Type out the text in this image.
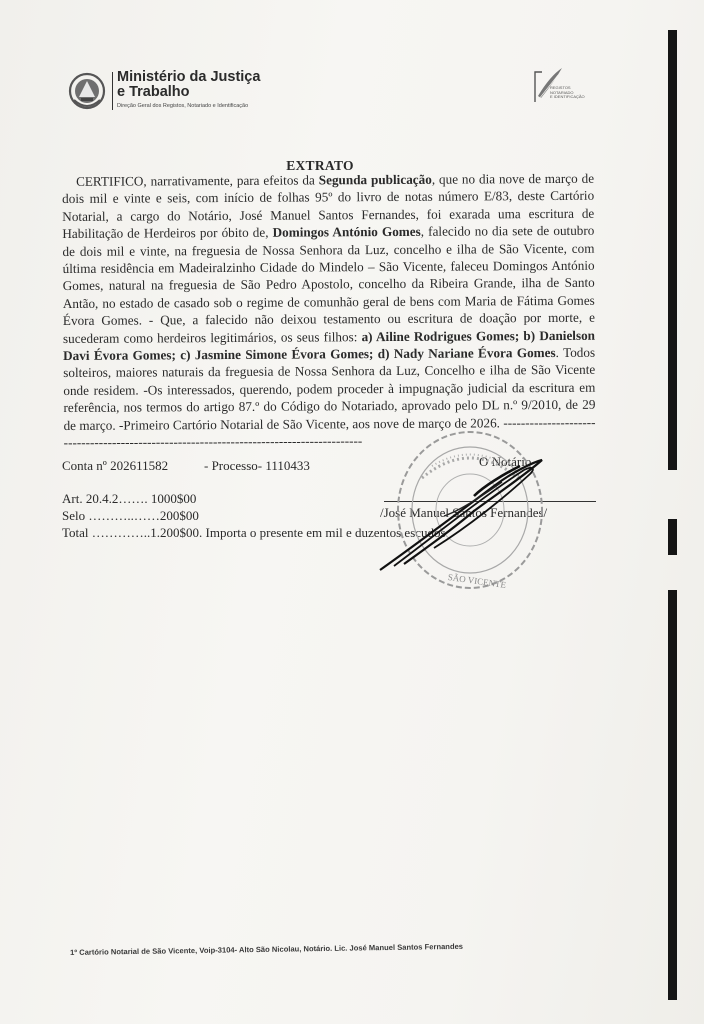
Ministério da Justiça e Trabalho
Direção Geral dos Registos, Notariado e Identificação
REGISTOS
NOTARIADO
E IDENTIFICAÇÃO
EXTRATO

CERTIFICO, narrativamente, para efeitos da Segunda publicação, que no dia nove de março de dois mil e vinte e seis, com início de folhas 95º do livro de notas número E/83, deste Cartório Notarial, a cargo do Notário, José Manuel Santos Fernandes, foi exarada uma escritura de Habilitação de Herdeiros por óbito de, Domingos António Gomes, falecido no dia sete de outubro de dois mil e vinte, na freguesia de Nossa Senhora da Luz, concelho e ilha de São Vicente, com última residência em Madeiralzinho Cidade do Mindelo – São Vicente, faleceu Domingos António Gomes, natural na freguesia de São Pedro Apostolo, concelho da Ribeira Grande, ilha de Santo Antão, no estado de casado sob o regime de comunhão geral de bens com Maria de Fátima Gomes Évora Gomes. - Que, a falecido não deixou testamento ou escritura de doação por morte, e sucederam como herdeiros legitimários, os seus filhos: a) Ailine Rodrigues Gomes; b) Danielson Davi Évora Gomes; c) Jasmine Simone Évora Gomes; d) Nady Nariane Évora Gomes. Todos solteiros, maiores naturais da freguesia de Nossa Senhora da Luz, Concelho e ilha de São Vicente onde residem. -Os interessados, querendo, podem proceder à impugnação judicial da escritura em referência, nos termos do artigo 87.º do Código do Notariado, aprovado pelo DL n.º 9/2010, de 29 de março. -Primeiro Cartório Notarial de São Vicente, aos nove de março de 2026. -----------------------------------------------------------------------------------------

Conta nº 202611582	- Processo- 1110433	O Notário
Art. 20.4.2……. 1000$00
Selo ………..……200$00
Total …………..1.200$00. Importa o presente em mil e duzentos escudos
/José Manuel Santos Fernandes/
SÃO VICENTE
1º Cartório Notarial de São Vicente, Voip-3104- Alto São Nicolau, Notário. Lic. José Manuel Santos Fernandes
